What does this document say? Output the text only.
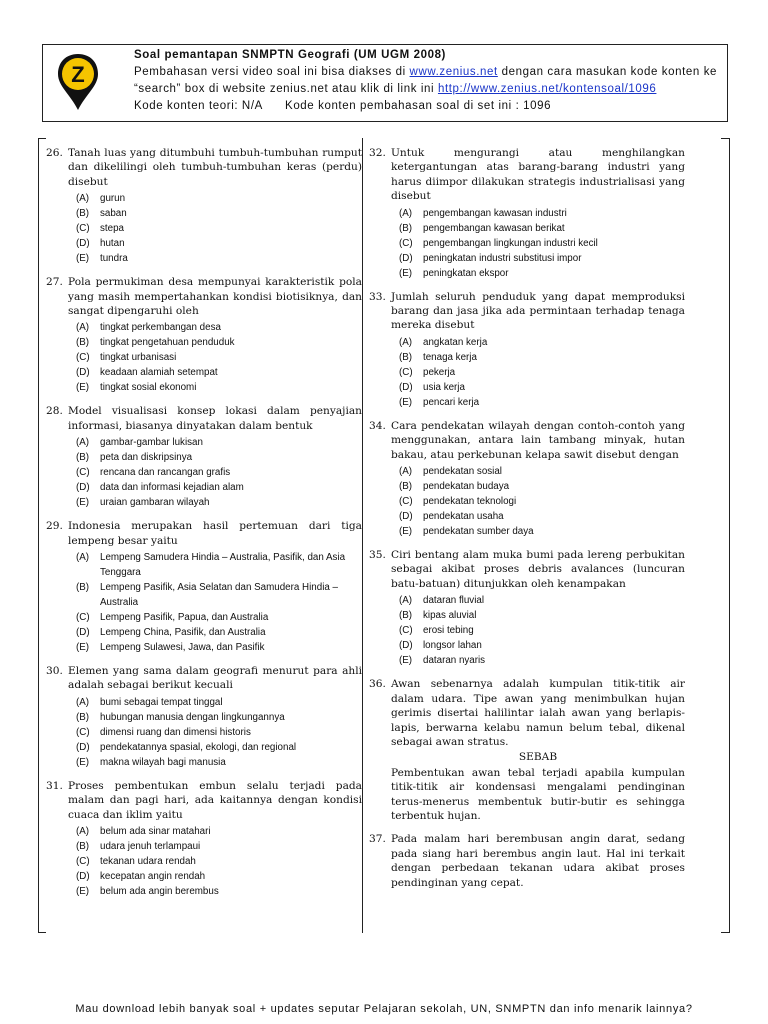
Z
Soal pemantapan SNMPTN Geografi (UM UGM 2008)
Pembahasan versi video soal ini bisa diakses di www.zenius.net dengan cara masukan kode konten ke
“search” box di website zenius.net atau klik di link ini http://www.zenius.net/kontensoal/1096
Kode konten teori: N/A      Kode konten pembahasan soal di set ini : 1096
26. Tanah luas yang ditumbuhi tumbuh-tumbuhan rumput dan dikelilingi oleh tumbuh-tumbuhan keras (perdu) disebut
(A)	gurun
(B)	saban
(C)	stepa
(D)	hutan
(E)	tundra
27. Pola permukiman desa mempunyai karakteristik pola yang masih mempertahankan kondisi biotisiknya, dan sangat dipengaruhi oleh
(A)	tingkat perkembangan desa
(B)	tingkat pengetahuan penduduk
(C)	tingkat urbanisasi
(D)	keadaan alamiah setempat
(E)	tingkat sosial ekonomi
28. Model visualisasi konsep lokasi dalam penyajian informasi, biasanya dinyatakan dalam bentuk
(A)	gambar-gambar lukisan
(B)	peta dan diskripsinya
(C)	rencana dan rancangan grafis
(D)	data dan informasi kejadian alam
(E)	uraian gambaran wilayah
29. Indonesia merupakan hasil pertemuan dari tiga lempeng besar yaitu
(A)	Lempeng Samudera Hindia – Australia, Pasifik, dan Asia Tenggara
(B)	Lempeng Pasifik, Asia Selatan dan Samudera Hindia – Australia
(C)	Lempeng Pasifik, Papua, dan Australia
(D)	Lempeng China, Pasifik, dan Australia
(E)	Lempeng Sulawesi, Jawa, dan Pasifik
30. Elemen yang sama dalam geografi menurut para ahli adalah sebagai berikut kecuali
(A)	bumi sebagai tempat tinggal
(B)	hubungan manusia dengan lingkungannya
(C)	dimensi ruang dan dimensi historis
(D)	pendekatannya spasial, ekologi, dan regional
(E)	makna wilayah bagi manusia
31. Proses pembentukan embun selalu terjadi pada malam dan pagi hari, ada kaitannya dengan kondisi cuaca dan iklim yaitu
(A)	belum ada sinar matahari
(B)	udara jenuh terlampaui
(C)	tekanan udara rendah
(D)	kecepatan angin rendah
(E)	belum ada angin berembus
32. Untuk mengurangi atau menghilangkan ketergantungan atas barang-barang industri yang harus diimpor dilakukan strategis industrialisasi yang disebut
(A)	pengembangan kawasan industri
(B)	pengembangan kawasan berikat
(C)	pengembangan lingkungan industri kecil
(D)	peningkatan industri substitusi impor
(E)	peningkatan ekspor
33. Jumlah seluruh penduduk yang dapat memproduksi barang dan jasa jika ada permintaan terhadap tenaga mereka disebut
(A)	angkatan kerja
(B)	tenaga kerja
(C)	pekerja
(D)	usia kerja
(E)	pencari kerja
34. Cara pendekatan wilayah dengan contoh-contoh yang menggunakan, antara lain tambang minyak, hutan bakau, atau perkebunan kelapa sawit disebut dengan
(A)	pendekatan sosial
(B)	pendekatan budaya
(C)	pendekatan teknologi
(D)	pendekatan usaha
(E)	pendekatan sumber daya
35. Ciri bentang alam muka bumi pada lereng perbukitan sebagai akibat proses debris avalances (luncuran batu-batuan) ditunjukkan oleh kenampakan
(A)	dataran fluvial
(B)	kipas aluvial
(C)	erosi tebing
(D)	longsor lahan
(E)	dataran nyaris
36. Awan sebenarnya adalah kumpulan titik-titik air dalam udara. Tipe awan yang menimbulkan hujan gerimis disertai halilintar ialah awan yang berlapis-lapis, berwarna kelabu namun belum tebal, dikenal sebagai awan stratus.
SEBAB
Pembentukan awan tebal terjadi apabila kumpulan titik-titik air kondensasi mengalami pendinginan terus-menerus membentuk butir-butir es sehingga terbentuk hujan.
37. Pada malam hari berembusan angin darat, sedang pada siang hari berembus angin laut. Hal ini terkait dengan perbedaan tekanan udara akibat proses pendinginan yang cepat.
Mau download lebih banyak soal + updates seputar Pelajaran sekolah, UN, SNMPTN dan info menarik lainnya?
